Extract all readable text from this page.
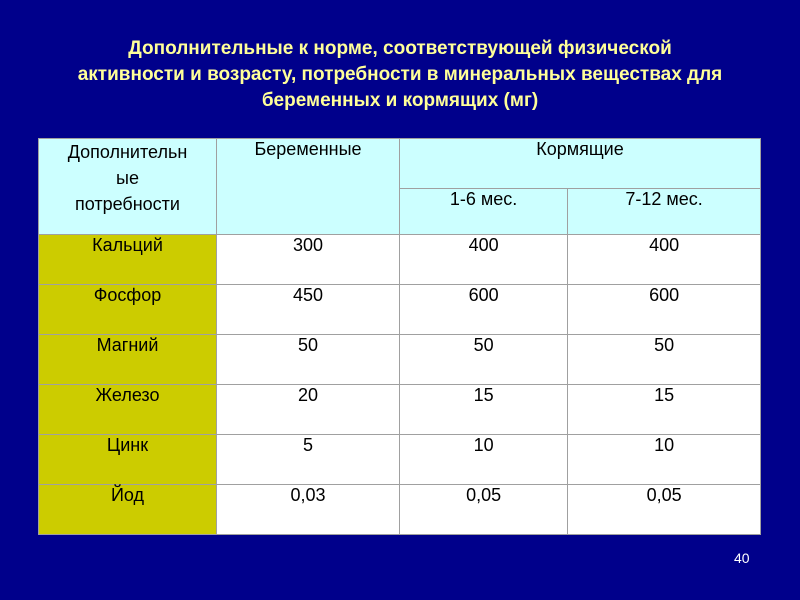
Дополнительные к норме, соответствующей физической
активности и возрасту, потребности в минеральных веществах для
беременных и кормящих (мг)
Дополнительн
ые
потребности	Беременные	Кормящие	
		1-6 мес.	7-12 мес.
Кальций	300	400	400
Фосфор	450	600	600
Магний	50	50	50
Железо	20	15	15
Цинк	5	10	10
Йод	0,03	0,05	0,05
40
